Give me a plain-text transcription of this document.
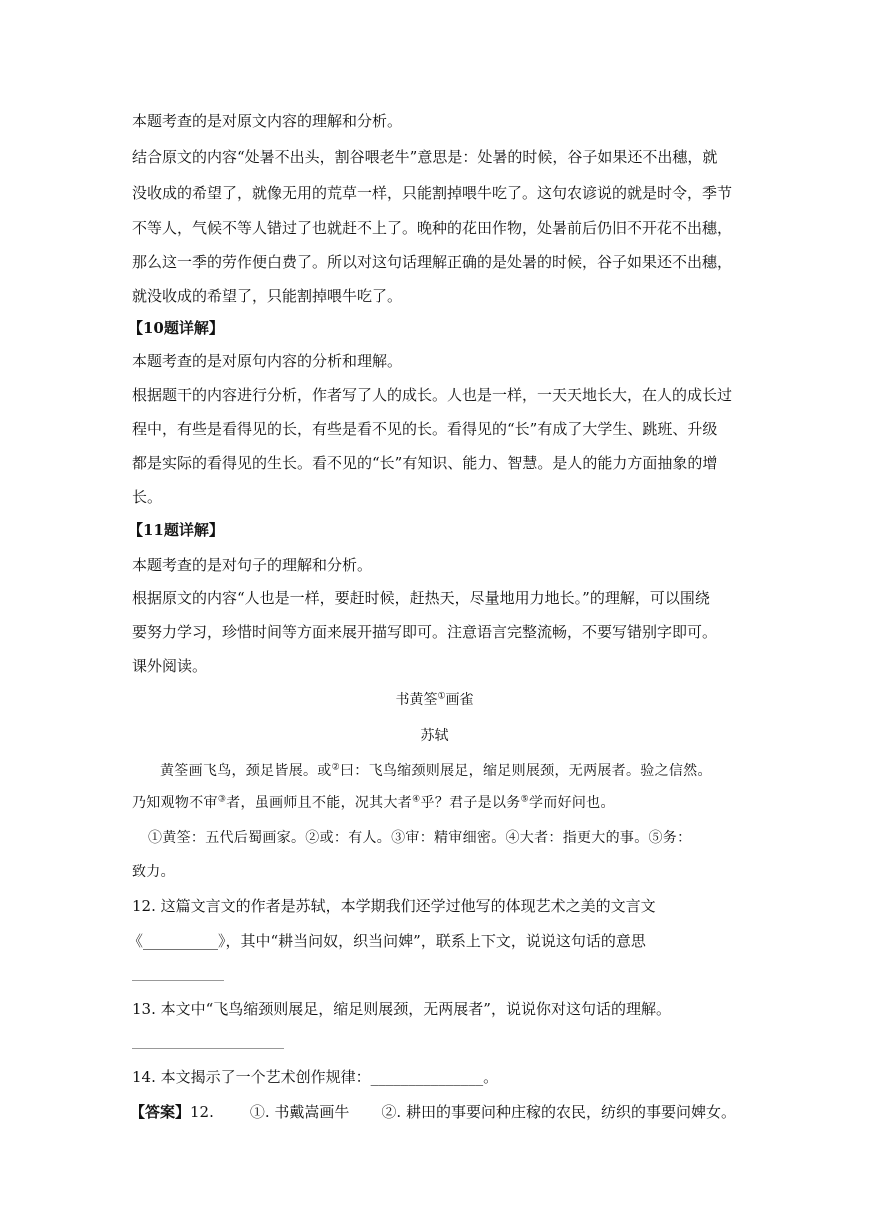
本题考查的是对原文内容的理解和分析。
结合原文的内容“处暑不出头，割谷喂老牛”意思是：处暑的时候，谷子如果还不出穗，就
没收成的希望了，就像无用的荒草一样，只能割掉喂牛吃了。这句农谚说的就是时令，季节
不等人，气候不等人错过了也就赶不上了。晚种的花田作物，处暑前后仍旧不开花不出穗，
那么这一季的劳作便白费了。所以对这句话理解正确的是处暑的时候，谷子如果还不出穗，
就没收成的希望了，只能割掉喂牛吃了。
【10题详解】
本题考查的是对原句内容的分析和理解。
根据题干的内容进行分析，作者写了人的成长。人也是一样，一天天地长大，在人的成长过
程中，有些是看得见的长，有些是看不见的长。看得见的“长”有成了大学生、跳班、升级
都是实际的看得见的生长。看不见的“长”有知识、能力、智慧。是人的能力方面抽象的增
长。
【11题详解】
本题考查的是对句子的理解和分析。
根据原文的内容“人也是一样，要赶时候，赶热天，尽量地用力地长。”的理解，可以围绕
要努力学习，珍惜时间等方面来展开描写即可。注意语言完整流畅，不要写错别字即可。
课外阅读。
书黄筌①画雀
苏轼
黄筌画飞鸟，颈足皆展。或②曰：飞鸟缩颈则展足，缩足则展颈，无两展者。验之信然。
乃知观物不审③者，虽画师且不能，况其大者④乎？君子是以务⑤学而好问也。
①黄筌：五代后蜀画家。②或：有人。③审：精审细密。④大者：指更大的事。⑤务：
致力。
12. 这篇文言文的作者是苏轼，本学期我们还学过他写的体现艺术之美的文言文
《__________》，其中“耕当问奴，织当问婢”，联系上下文，说说这句话的意思
13. 本文中“飞鸟缩颈则展足，缩足则展颈，无两展者”，说说你对这句话的理解。
14. 本文揭示了一个艺术创作规律：_______________。
【答案】12. ①. 书戴嵩画牛 ②. 耕田的事要问种庄稼的农民，纺织的事要问婢女。
